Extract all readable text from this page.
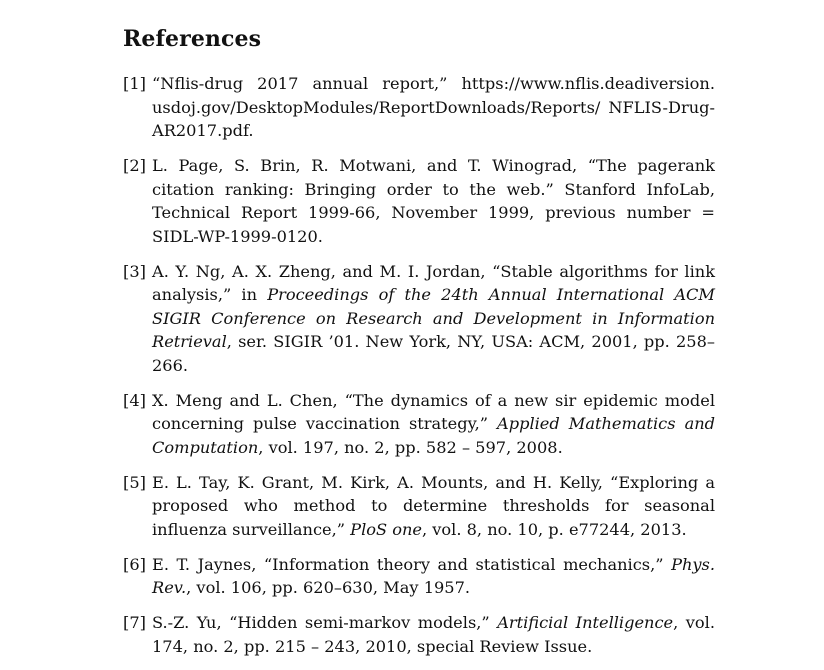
References
[1] “Nflis-drug 2017 annual report,” https://www.nflis.deadiversion. usdoj.gov/DesktopModules/ReportDownloads/Reports/ NFLIS-Drug-AR2017.pdf.
[2] L. Page, S. Brin, R. Motwani, and T. Winograd, “The pagerank citation ranking: Bringing order to the web.” Stanford InfoLab, Technical Report 1999-66, November 1999, previous number = SIDL-WP-1999-0120.
[3] A. Y. Ng, A. X. Zheng, and M. I. Jordan, “Stable algorithms for link analysis,” in Proceedings of the 24th Annual International ACM SIGIR Conference on Research and Development in Information Retrieval, ser. SIGIR ’01. New York, NY, USA: ACM, 2001, pp. 258–266.
[4] X. Meng and L. Chen, “The dynamics of a new sir epidemic model concerning pulse vaccination strategy,” Applied Mathematics and Computation, vol. 197, no. 2, pp. 582 – 597, 2008.
[5] E. L. Tay, K. Grant, M. Kirk, A. Mounts, and H. Kelly, “Exploring a proposed who method to determine thresholds for seasonal influenza surveillance,” PloS one, vol. 8, no. 10, p. e77244, 2013.
[6] E. T. Jaynes, “Information theory and statistical mechanics,” Phys. Rev., vol. 106, pp. 620–630, May 1957.
[7] S.-Z. Yu, “Hidden semi-markov models,” Artificial Intelligence, vol. 174, no. 2, pp. 215 – 243, 2010, special Review Issue.
